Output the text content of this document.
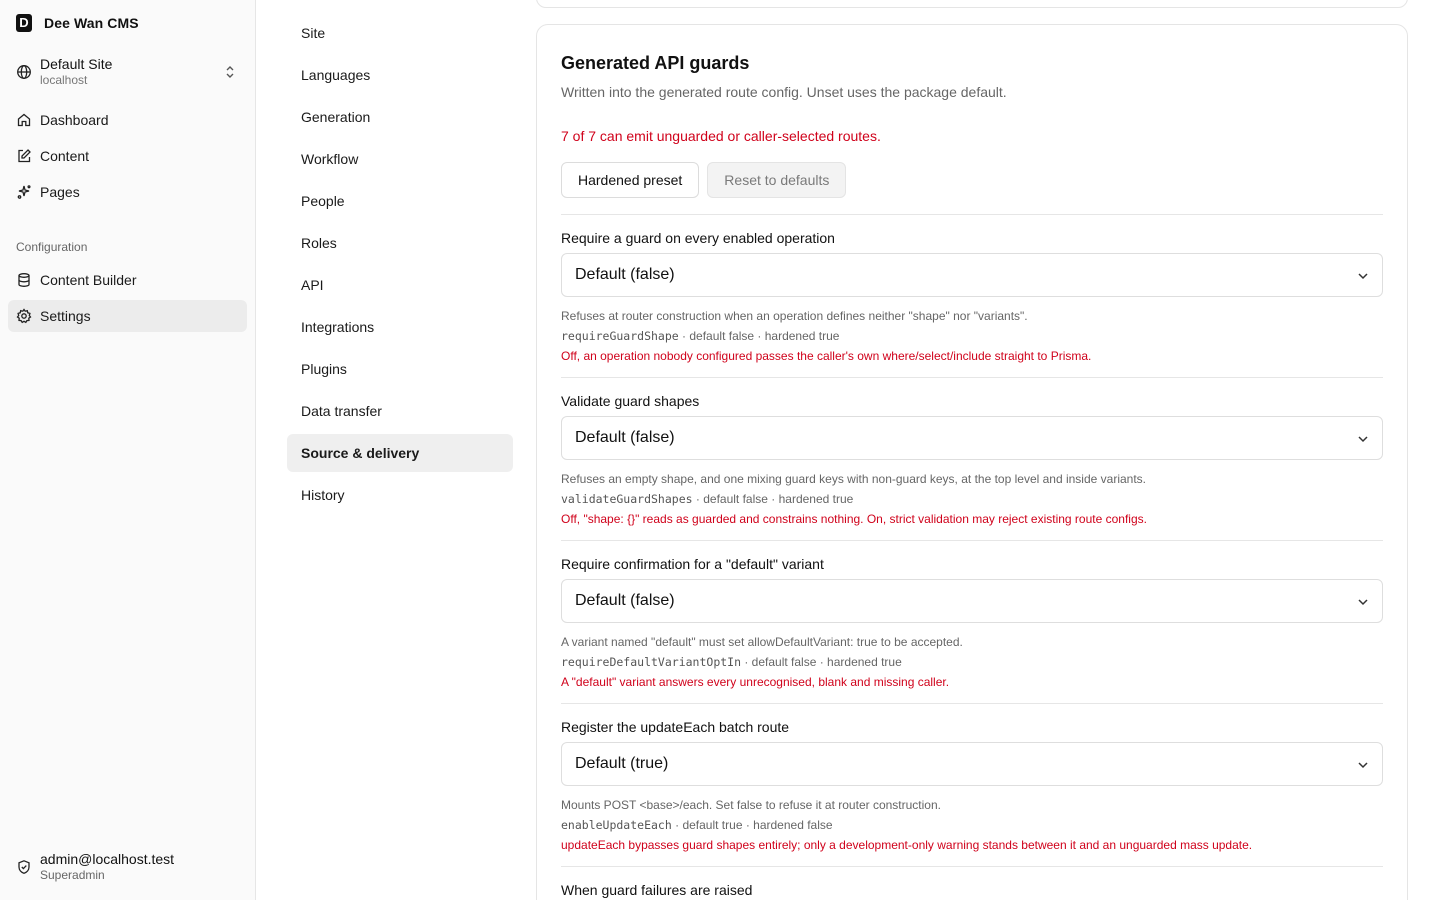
D Dee Wan CMS
Default Site
localhost
Dashboard
Content
Pages
Configuration
Content Builder
Settings
admin@localhost.test
Superadmin
Site
Languages
Generation
Workflow
People
Roles
API
Integrations
Plugins
Data transfer
Source & delivery
History
Generated API guards

Written into the generated route config. Unset uses the package default.

7 of 7 can emit unguarded or caller-selected routes.

Hardened preset	Reset to defaults
Require a guard on every enabled operation
Default (false)
Refuses at router construction when an operation defines neither "shape" nor "variants".
requireGuardShape · default false · hardened true
Off, an operation nobody configured passes the caller's own where/select/include straight to Prisma.
Validate guard shapes
Default (false)
Refuses an empty shape, and one mixing guard keys with non-guard keys, at the top level and inside variants.
validateGuardShapes · default false · hardened true
Off, "shape: {}" reads as guarded and constrains nothing. On, strict validation may reject existing route configs.
Require confirmation for a "default" variant
Default (false)
A variant named "default" must set allowDefaultVariant: true to be accepted.
requireDefaultVariantOptIn · default false · hardened true
A "default" variant answers every unrecognised, blank and missing caller.
Register the updateEach batch route
Default (true)
Mounts POST <base>/each. Set false to refuse it at router construction.
enableUpdateEach · default true · hardened false
updateEach bypasses guard shapes entirely; only a development-only warning stands between it and an unguarded mass update.
When guard failures are raised
